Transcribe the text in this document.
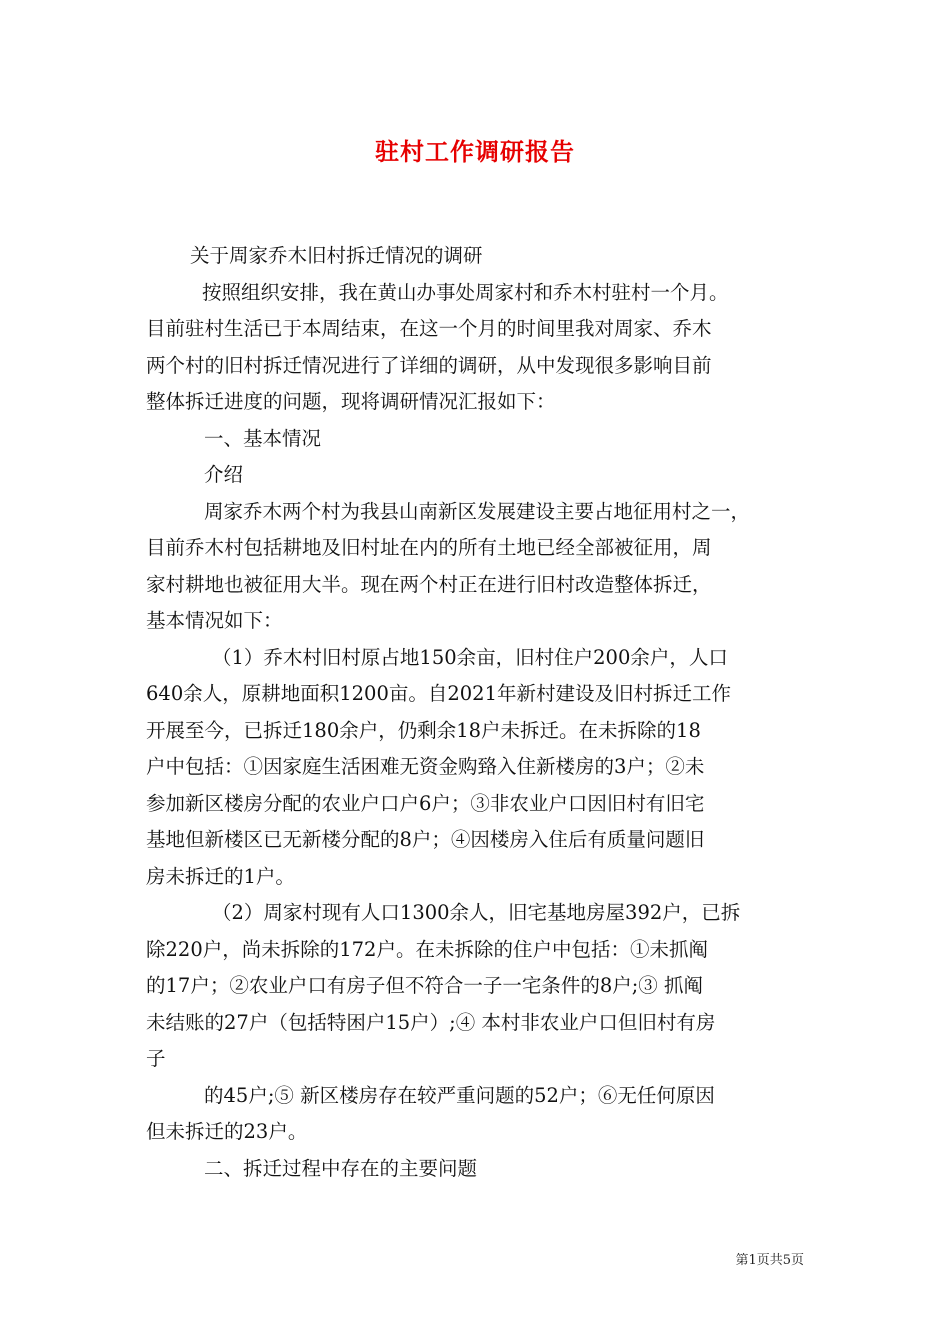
驻村工作调研报告
关于周家乔木旧村拆迁情况的调研
按照组织安排，我在黄山办事处周家村和乔木村驻村一个月。
目前驻村生活已于本周结束，在这一个月的时间里我对周家、乔木
两个村的旧村拆迁情况进行了详细的调研，从中发现很多影响目前
整体拆迁进度的问题，现将调研情况汇报如下：
一、基本情况
介绍
周家乔木两个村为我县山南新区发展建设主要占地征用村之一，
目前乔木村包括耕地及旧村址在内的所有土地已经全部被征用，周
家村耕地也被征用大半。现在两个村正在进行旧村改造整体拆迁，
基本情况如下：
（1）乔木村旧村原占地150余亩，旧村住户200余户，人口
640余人，原耕地面积1200亩。自2021年新村建设及旧村拆迁工作
开展至今，已拆迁180余户，仍剩余18户未拆迁。在未拆除的18
户中包括：①因家庭生活困难无资金购臵入住新楼房的3户；②未
参加新区楼房分配的农业户口户6户；③非农业户口因旧村有旧宅
基地但新楼区已无新楼分配的8户；④因楼房入住后有质量问题旧
房未拆迁的1户。
（2）周家村现有人口1300余人，旧宅基地房屋392户，已拆
除220户，尚未拆除的172户。在未拆除的住户中包括：①未抓阄
的17户；②农业户口有房子但不符合一子一宅条件的8户;③ 抓阄
未结账的27户（包括特困户15户）;④ 本村非农业户口但旧村有房
子
的45户;⑤ 新区楼房存在较严重问题的52户；⑥无任何原因
但未拆迁的23户。
二、拆迁过程中存在的主要问题
第1页共5页
